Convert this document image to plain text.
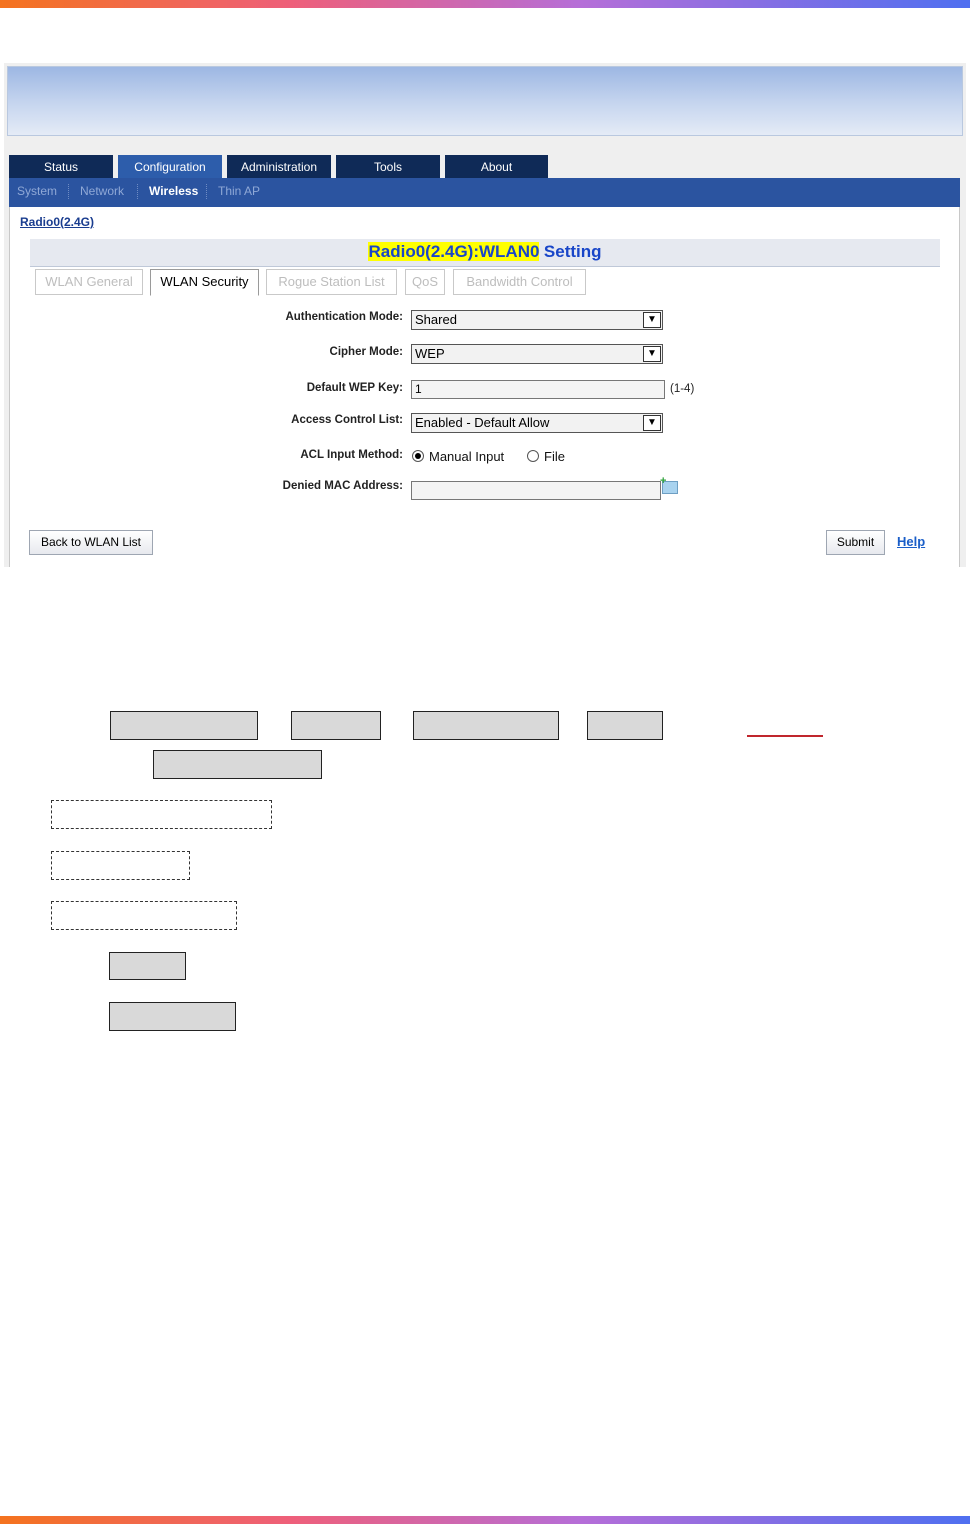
Status	Configuration	Administration	Tools	About
System Network Wireless Thin AP
Radio0(2.4G)
Radio0(2.4G):WLAN0 Setting
WLAN General	WLAN Security	Rogue Station List	QoS	Bandwidth Control
Authentication Mode: Shared	▼
Cipher Mode: WEP	▼
Default WEP Key:	1	(1-4)
Access Control List: Enabled - Default Allow	▼
ACL Input Method: Manual Input	File
Denied MAC Address:
+
Back to WLAN List	Submit	Help
